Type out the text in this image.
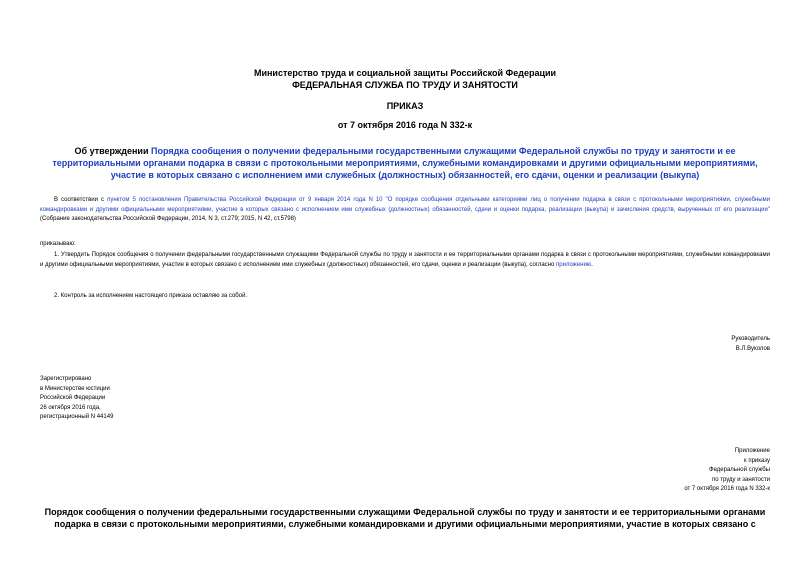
Министерство труда и социальной защиты Российской Федерации
ФЕДЕРАЛЬНАЯ СЛУЖБА ПО ТРУДУ И ЗАНЯТОСТИ
ПРИКАЗ
от 7 октября 2016 года N 332-к
Об утверждении Порядка сообщения о получении федеральными государственными служащими Федеральной службы по труду и занятости и ее территориальными органами подарка в связи с протокольными мероприятиями, служебными командировками и другими официальными мероприятиями, участие в которых связано с исполнением ими служебных (должностных) обязанностей, его сдачи, оценки и реализации (выкупа)
В соответствии с пунктом 5 постановления Правительства Российской Федерации от 9 января 2014 года N 10 "О порядке сообщения отдельными категориями лиц о получении подарка в связи с протокольными мероприятиями, служебными командировками и другими официальными мероприятиями, участие в которых связано с исполнением ими служебных (должностных) обязанностей, сдачи и оценки подарка, реализации (выкупа) и зачисления средств, вырученных от его реализации" (Собрание законодательства Российской Федерации, 2014, N 3, ст.279; 2015, N 42, ст.5798)
приказываю:
1. Утвердить Порядок сообщения о получении федеральными государственными служащими Федеральной службы по труду и занятости и ее территориальными органами подарка в связи с протокольными мероприятиями, служебными командировками и другими официальными мероприятиями, участие в которых связано с исполнением ими служебных (должностных) обязанностей, его сдачи, оценки и реализации (выкупа), согласно приложению.
2. Контроль за исполнением настоящего приказа оставляю за собой.
Руководитель
В.Л.Вуколов
Зарегистрировано
в Министерстве юстиции
Российской Федерации
26 октября 2016 года,
регистрационный N 44149
Приложение
к приказу
Федеральной службы
по труду и занятости
от 7 октября 2016 года N 332-к
Порядок сообщения о получении федеральными государственными служащими Федеральной службы по труду и занятости и ее территориальными органами
подарка в связи с протокольными мероприятиями, служебными командировками и другими официальными мероприятиями, участие в которых связано с
